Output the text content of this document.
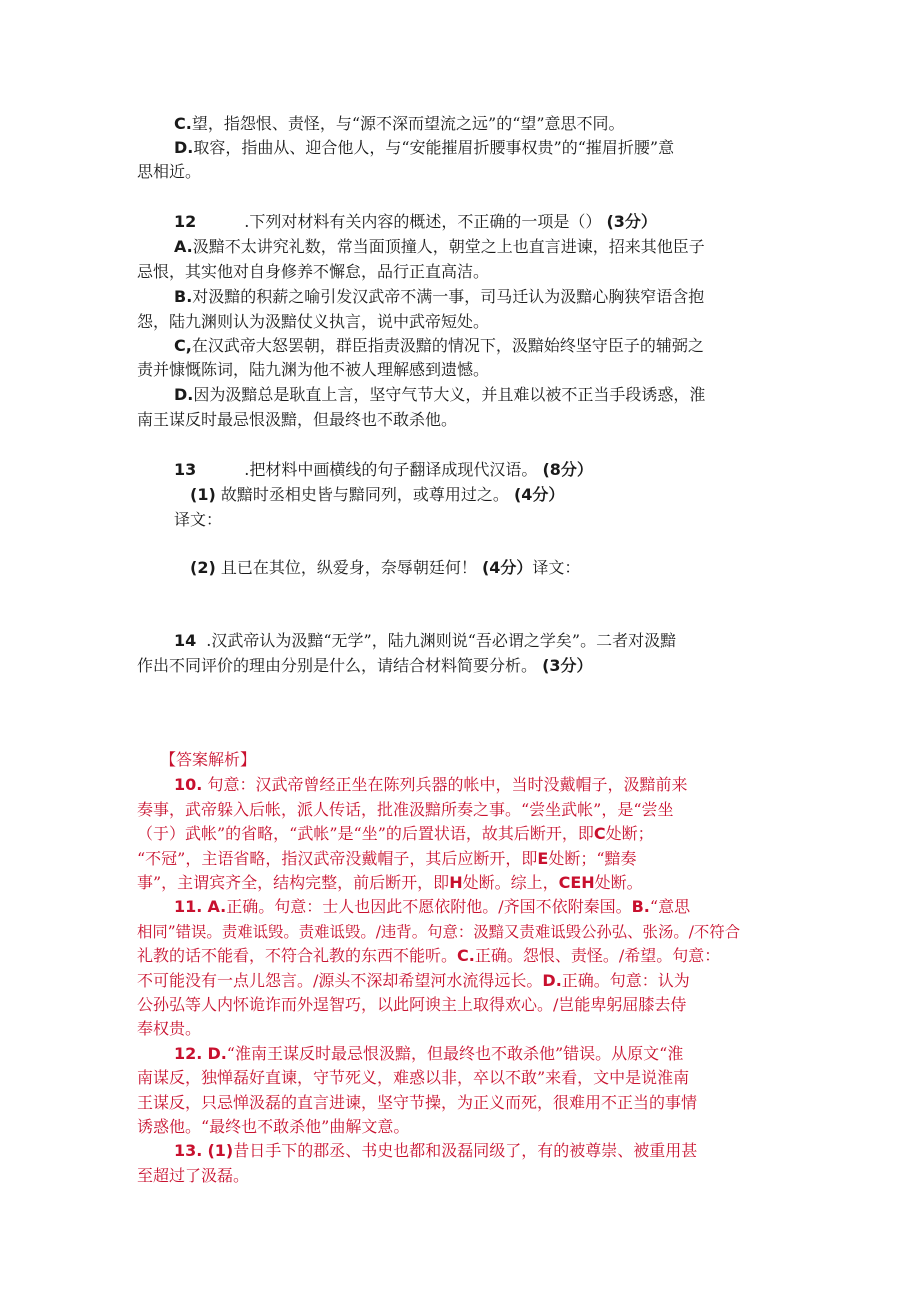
C.望，指怨恨、责怪，与“源不深而望流之远”的“望”意思不同。
D.取容，指曲从、迎合他人，与“安能摧眉折腰事权贵”的“摧眉折腰”意
思相近。
12	.下列对材料有关内容的概述，不正确的一项是（） (3分）
A.汲黯不太讲究礼数，常当面顶撞人，朝堂之上也直言进谏，招来其他臣子
忌恨，其实他对自身修养不懈怠，品行正直高洁。
B.对汲黯的积薪之喻引发汉武帝不满一事，司马迁认为汲黯心胸狭窄语含抱
怨，陆九渊则认为汲黯仗义执言，说中武帝短处。
C,在汉武帝大怒罢朝，群臣指责汲黯的情况下，汲黯始终坚守臣子的辅弼之
责并慷慨陈词，陆九渊为他不被人理解感到遗憾。
D.因为汲黯总是耿直上言，坚守气节大义，并且难以被不正当手段诱惑，淮
南王谋反时最忌恨汲黯，但最终也不敢杀他。
13	.把材料中画横线的句子翻译成现代汉语。 (8分）
(1) 故黯时丞相史皆与黯同列，或尊用过之。 (4分）
译文：
(2) 且已在其位，纵爱身，奈辱朝廷何！ (4分）译文：
14 .汉武帝认为汲黯“无学”，陆九渊则说“吾必谓之学矣”。二者对汲黯
作出不同评价的理由分别是什么，请结合材料简要分析。 (3分）
【答案解析】
10. 句意：汉武帝曾经正坐在陈列兵器的帐中，当时没戴帽子，汲黯前来
奏事，武帝躲入后帐，派人传话，批准汲黯所奏之事。“尝坐武帐”，是“尝坐
（于）武帐”的省略，“武帐”是“坐”的后置状语，故其后断开，即C处断；
“不冠”，主语省略，指汉武帝没戴帽子，其后应断开，即E处断；“黯奏
事”，主谓宾齐全，结构完整，前后断开，即H处断。综上，CEH处断。
11. A.正确。句意：士人也因此不愿依附他。/齐国不依附秦国。B.“意思
相同”错误。责难诋毁。责难诋毁。/违背。句意：汲黯又责难诋毁公孙弘、张汤。/不符合
礼教的话不能看，不符合礼教的东西不能听。C.正确。怨恨、责怪。/希望。句意：
不可能没有一点儿怨言。/源头不深却希望河水流得远长。D.正确。句意：认为
公孙弘等人内怀诡诈而外逞智巧，以此阿谀主上取得欢心。/岂能卑躬屈膝去侍
奉权贵。
12. D.“淮南王谋反时最忌恨汲黯，但最终也不敢杀他”错误。从原文“淮
南谋反，独惮磊好直谏，守节死义，难惑以非，卒以不敢”来看，文中是说淮南
王谋反，只忌惮汲磊的直言进谏，坚守节操，为正义而死，很难用不正当的事情
诱惑他。“最终也不敢杀他”曲解文意。
13. (1)昔日手下的郡丞、书史也都和汲磊同级了，有的被尊崇、被重用甚
至超过了汲磊。
